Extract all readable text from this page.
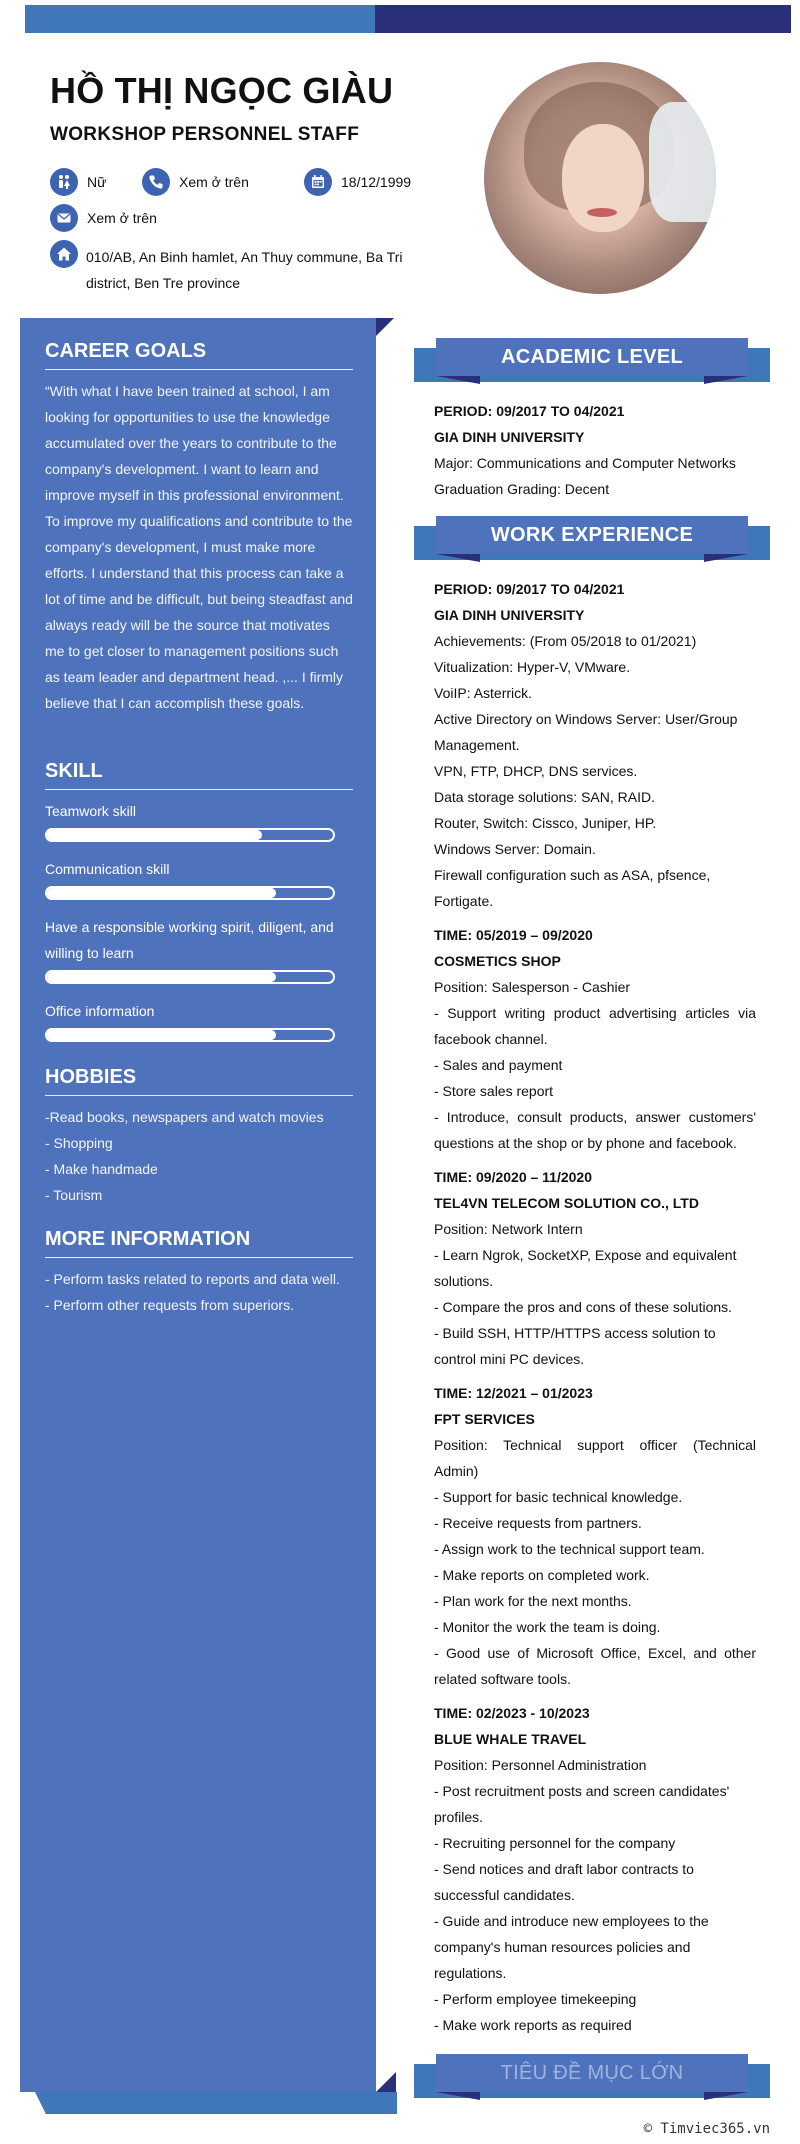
HỒ THỊ NGỌC GIÀU
WORKSHOP PERSONNEL STAFF
Nữ	Xem ở trên	18/12/1999
Xem ở trên
010/AB, An Binh hamlet, An Thuy commune, Ba Tri district, Ben Tre province
CAREER GOALS
“With what I have been trained at school, I am looking for opportunities to use the knowledge accumulated over the years to contribute to the company's development. I want to learn and improve myself in this professional environment. To improve my qualifications and contribute to the company's development, I must make more efforts. I understand that this process can take a lot of time and be difficult, but being steadfast and always ready will be the source that motivates me to get closer to management positions such as team leader and department head. ,... I firmly believe that I can accomplish these goals.
SKILL
Teamwork skill
Communication skill
Have a responsible working spirit, diligent, and willing to learn
Office information
HOBBIES
-Read books, newspapers and watch movies
- Shopping
- Make handmade
- Tourism
MORE INFORMATION
- Perform tasks related to reports and data well.
- Perform other requests from superiors.
ACADEMIC LEVEL

PERIOD: 09/2017 TO 04/2021

GIA DINH UNIVERSITY

Major: Communications and Computer Networks

Graduation Grading: Decent

WORK EXPERIENCE

PERIOD: 09/2017 TO 04/2021

GIA DINH UNIVERSITY

Achievements: (From 05/2018 to 01/2021)

Vitualization: Hyper-V, VMware.

VoiIP: Asterrick.

Active Directory on Windows Server: User/Group Management.

VPN, FTP, DHCP, DNS services.

Data storage solutions: SAN, RAID.

Router, Switch: Cissco, Juniper, HP.

Windows Server: Domain.

Firewall configuration such as ASA, pfsence, Fortigate.

TIME: 05/2019 – 09/2020

COSMETICS SHOP

Position: Salesperson - Cashier

- Support writing product advertising articles via facebook channel.

- Sales and payment

- Store sales report

- Introduce, consult products, answer customers' questions at the shop or by phone and facebook.

TIME: 09/2020 – 11/2020

TEL4VN TELECOM SOLUTION CO., LTD

Position: Network Intern

- Learn Ngrok, SocketXP, Expose and equivalent solutions.

- Compare the pros and cons of these solutions.

- Build SSH, HTTP/HTTPS access solution to control mini PC devices.

TIME: 12/2021 – 01/2023

FPT SERVICES

Position: Technical support officer (Technical Admin)

- Support for basic technical knowledge.

- Receive requests from partners.

- Assign work to the technical support team.

- Make reports on completed work.

- Plan work for the next months.

- Monitor the work the team is doing.

- Good use of Microsoft Office, Excel, and other related software tools.

TIME: 02/2023 - 10/2023

BLUE WHALE TRAVEL

Position: Personnel Administration

- Post recruitment posts and screen candidates' profiles.

- Recruiting personnel for the company

- Send notices and draft labor contracts to successful candidates.

- Guide and introduce new employees to the company's human resources policies and regulations.

- Perform employee timekeeping

- Make work reports as required

TIÊU ĐỀ MỤC LỚN
© Timviec365.vn
